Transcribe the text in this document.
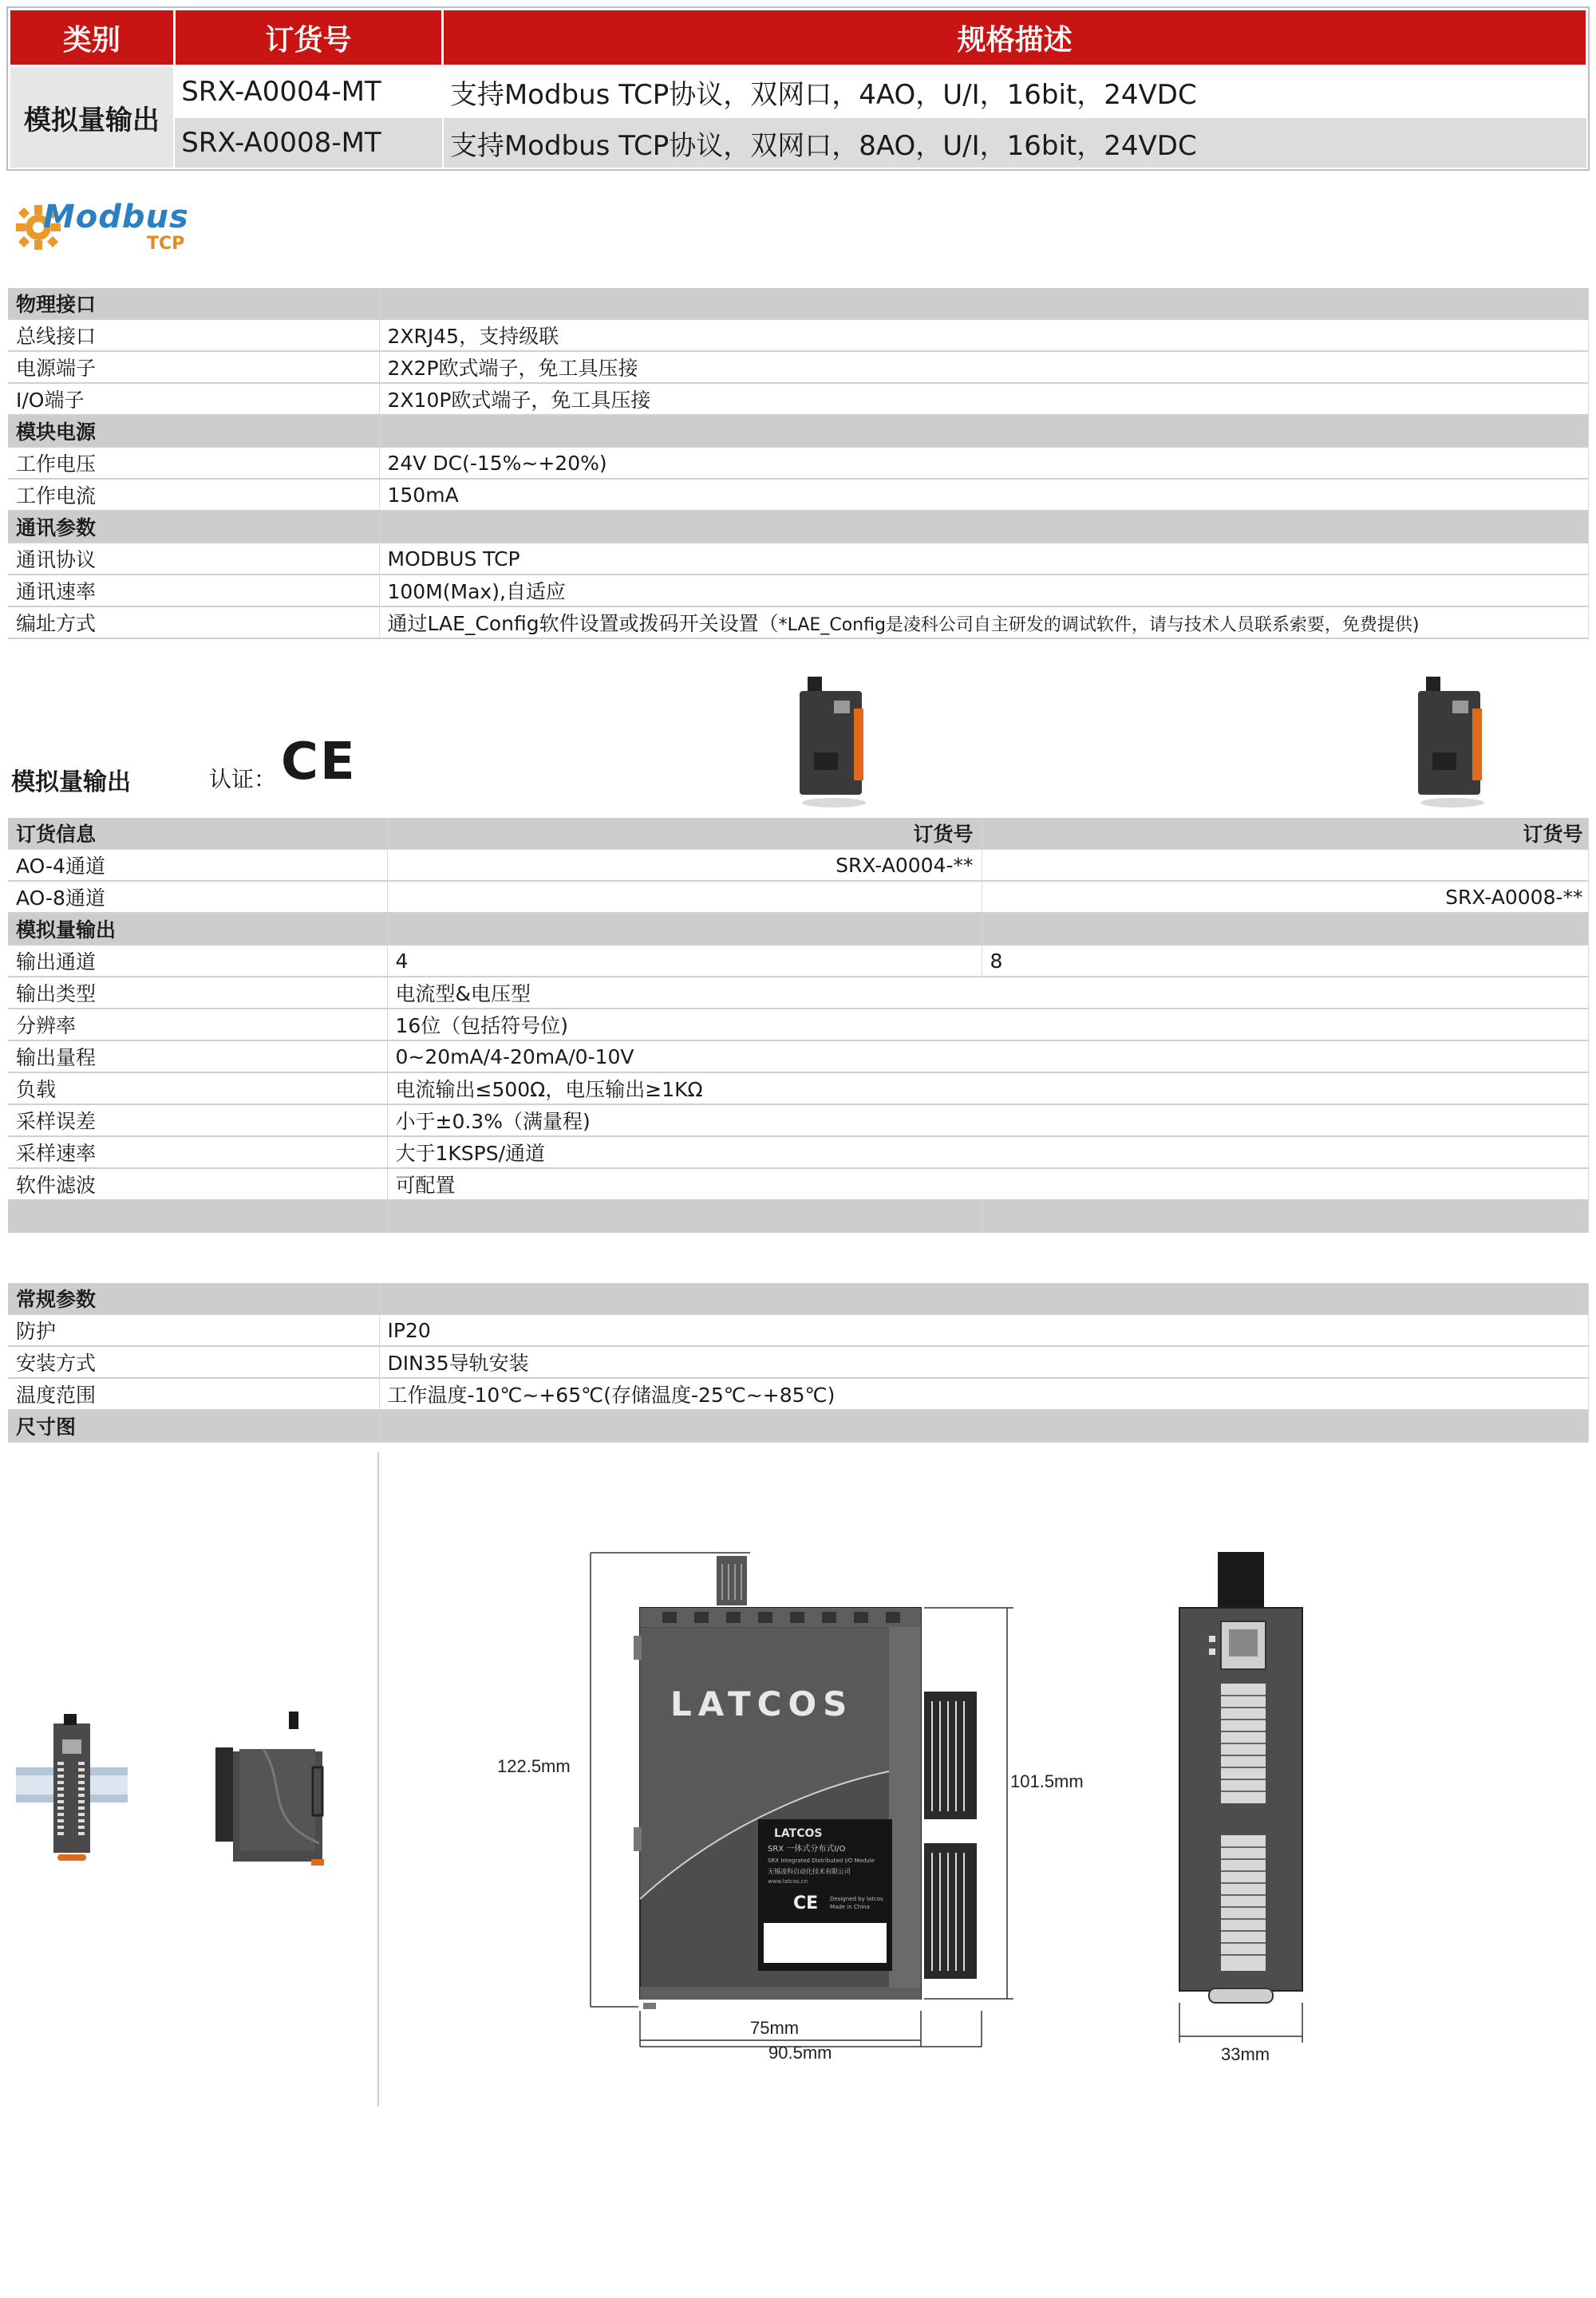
类别	订货号	规格描述
模拟量输出	SRX-A0004-MT	支持Modbus TCP协议，双网口，4AO，U/I，16bit，24VDC
	SRX-A0008-MT	支持Modbus TCP协议，双网口，8AO，U/I，16bit，24VDC
Modbus
TCP
物理接口	
总线接口	2XRJ45，支持级联
电源端子	2X2P欧式端子，免工具压接
I/O端子	2X10P欧式端子，免工具压接
模块电源	
工作电压	24V DC(-15%~+20%)
工作电流	150mA
通讯参数	
通讯协议	MODBUS TCP
通讯速率	100M(Max),自适应
编址方式	通过LAE_Config软件设置或拨码开关设置（*LAE_Config是凌科公司自主研发的调试软件，请与技术人员联系索要，免费提供)
模拟量输出	认证： CE
订货信息	订货号	订货号
AO-4通道	SRX-A0004-**	
AO-8通道		SRX-A0008-**
模拟量输出		
输出通道	4	8
输出类型	电流型&电压型	
分辨率	16位（包括符号位)	
输出量程	0~20mA/4-20mA/0-10V	
负载	电流输出≤500Ω，电压输出≥1KΩ	
采样误差	小于±0.3%（满量程)	
采样速率	大于1KSPS/通道	
软件滤波	可配置	

常规参数	
防护	IP20
安装方式	DIN35导轨安装
温度范围	工作温度-10℃~+65℃(存储温度-25℃~+85℃)
尺寸图	
LATCOS
LATCOS
SRX 一体式分布式I/O
SRX Integrated Distributed I/O Module
无锡凌科自动化技术有限公司
www.latcos.cn
CE Designed by latcos
Made in China
122.5mm
101.5mm
75mm
90.5mm	33mm
